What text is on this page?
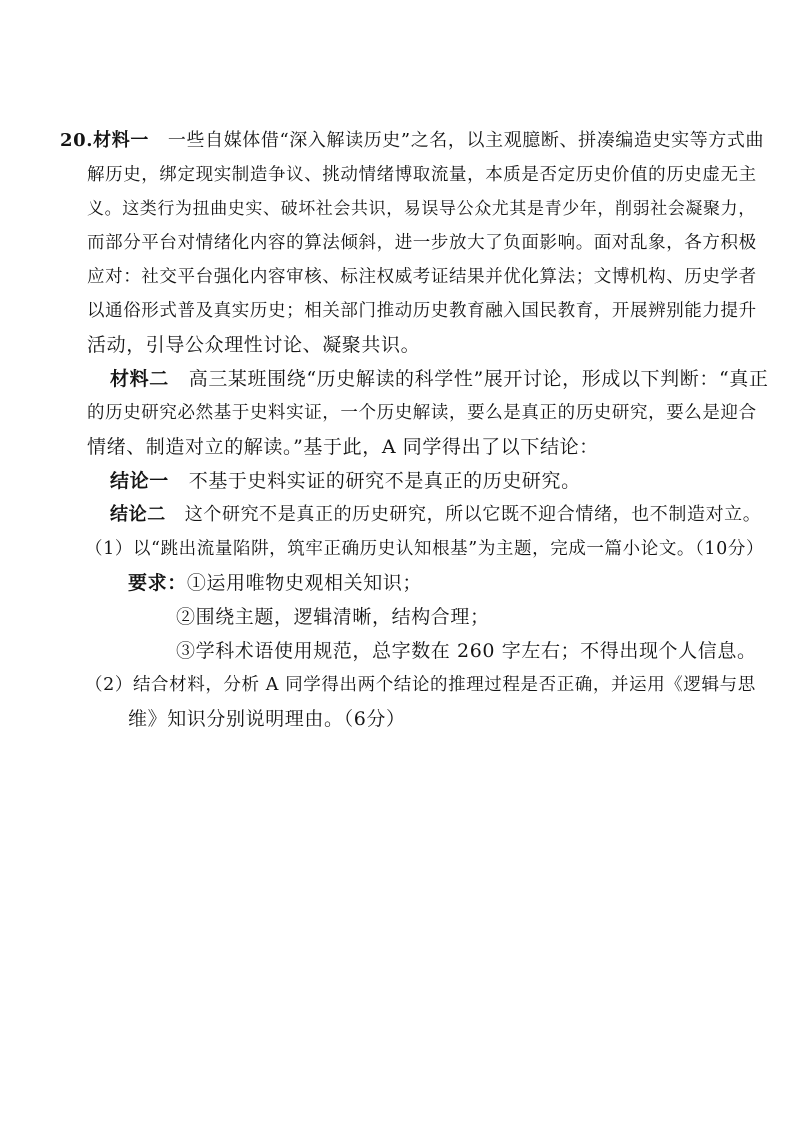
20.材料一 一些自媒体借“深入解读历史”之名，以主观臆断、拼凑编造史实等方式曲
解历史，绑定现实制造争议、挑动情绪博取流量，本质是否定历史价值的历史虚无主
义。这类行为扭曲史实、破坏社会共识，易误导公众尤其是青少年，削弱社会凝聚力，
而部分平台对情绪化内容的算法倾斜，进一步放大了负面影响。面对乱象，各方积极
应对：社交平台强化内容审核、标注权威考证结果并优化算法；文博机构、历史学者
以通俗形式普及真实历史；相关部门推动历史教育融入国民教育，开展辨别能力提升
活动，引导公众理性讨论、凝聚共识。
材料二 高三某班围绕“历史解读的科学性”展开讨论，形成以下判断：“真正
的历史研究必然基于史料实证，一个历史解读，要么是真正的历史研究，要么是迎合
情绪、制造对立的解读。”基于此，A 同学得出了以下结论：
结论一 不基于史料实证的研究不是真正的历史研究。
结论二 这个研究不是真正的历史研究，所以它既不迎合情绪，也不制造对立。
（1）以“跳出流量陷阱，筑牢正确历史认知根基”为主题，完成一篇小论文。（10分）
要求：①运用唯物史观相关知识；
②围绕主题，逻辑清晰，结构合理；
③学科术语使用规范，总字数在 260 字左右；不得出现个人信息。
（2）结合材料，分析 A 同学得出两个结论的推理过程是否正确，并运用《逻辑与思
维》知识分别说明理由。（6分）
